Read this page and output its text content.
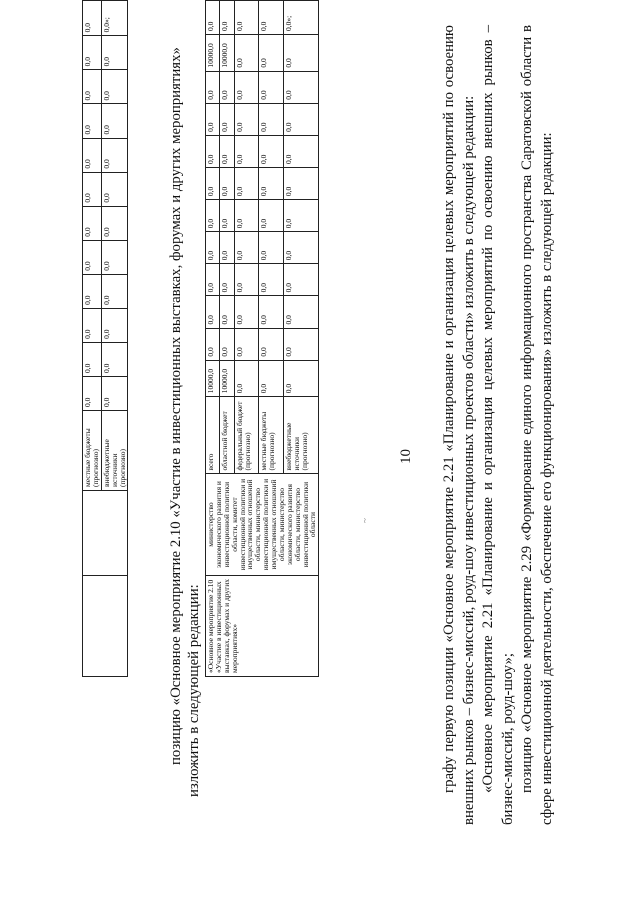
10
~
		местные бюджеты (прогнозно)	0,0	0,0	0,0	0,0	0,0	0,0	0,0	0,0	0,0	0,0	0,0	0,0
		внебюджетные источники (прогнозно)	0,0	0,0	0,0	0,0	0,0	0,0	0,0	0,0	0,0	0,0	0,0	0,0»;
позицию «Основное мероприятие 2.10 «Участие в инвестиционных выставках, форумах и других мероприятиях» изложить в следующей редакции: «Основное мероприятие 2.10 «Участие в инвестиционных выставках, форумах и других мероприятиях»	министерство экономического развития и инвестиционной политики области, комитет инвестиционной политики и имущественных отношений области, министерство инвестиционной политики и имущественных отношений области, министерство экономического развития области, министерство инвестиционной политики области	всего	10000,0	0,0	0,0	0,0	0,0	0,0	0,0	0,0	0,0	0,0	10000,0	0,0
		областной бюджет	10000,0	0,0	0,0	0,0	0,0	0,0	0,0	0,0	0,0	0,0	10000,0	0,0
		федеральный бюджет (прогнозно)	0,0	0,0	0,0	0,0	0,0	0,0	0,0	0,0	0,0	0,0	0,0	0,0
		местные бюджеты (прогнозно)	0,0	0,0	0,0	0,0	0,0	0,0	0,0	0,0	0,0	0,0	0,0	0,0
		внебюджетные источники (прогнозно)	0,0	0,0	0,0	0,0	0,0	0,0	0,0	0,0	0,0	0,0	0,0	0,0»;

графу первую позиции «Основное мероприятие 2.21 «Планирование и организация целевых мероприятий по освоению внешних рынков – бизнес-миссий, роуд-шоу инвестиционных проектов области» изложить в следующей редакции: «Основное мероприятие 2.21 «Планирование и организация целевых мероприятий по освоению внешних рынков – бизнес-миссий, роуд-шоу»; позицию «Основное мероприятие 2.29 «Формирование единого информационного пространства Саратовской области в сфере инвестиционной деятельности, обеспечение его функционирования» изложить в следующей редакции:
